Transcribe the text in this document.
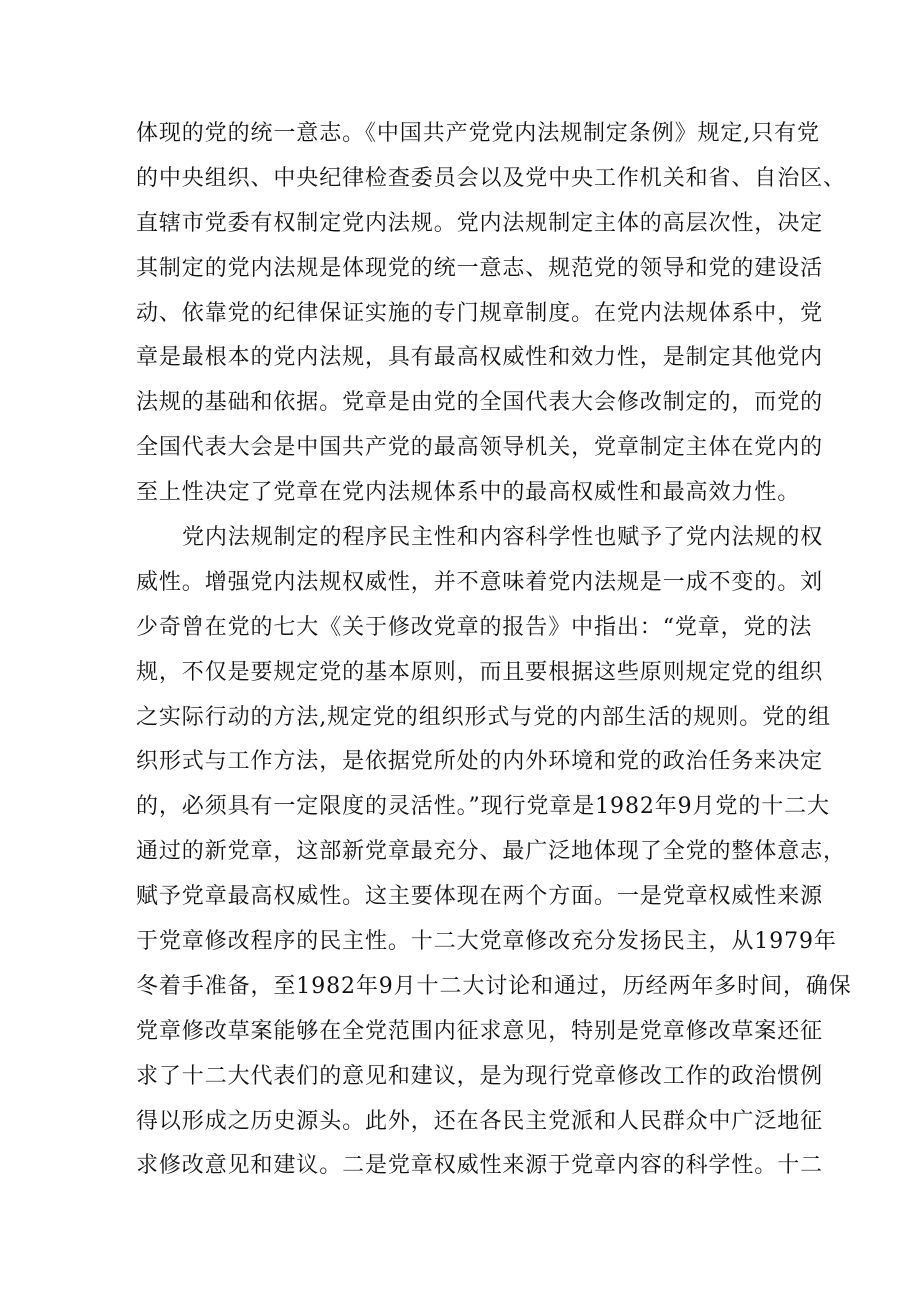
体现的党的统一意志。《中国共产党党内法规制定条例》规定,只有党
的中央组织、中央纪律检查委员会以及党中央工作机关和省、自治区、
直辖市党委有权制定党内法规。党内法规制定主体的高层次性，决定
其制定的党内法规是体现党的统一意志、规范党的领导和党的建设活
动、依靠党的纪律保证实施的专门规章制度。在党内法规体系中，党
章是最根本的党内法规，具有最高权威性和效力性，是制定其他党内
法规的基础和依据。党章是由党的全国代表大会修改制定的，而党的
全国代表大会是中国共产党的最高领导机关，党章制定主体在党内的
至上性决定了党章在党内法规体系中的最高权威性和最高效力性。
党内法规制定的程序民主性和内容科学性也赋予了党内法规的权
威性。增强党内法规权威性，并不意味着党内法规是一成不变的。刘
少奇曾在党的七大《关于修改党章的报告》中指出：“党章，党的法
规，不仅是要规定党的基本原则，而且要根据这些原则规定党的组织
之实际行动的方法,规定党的组织形式与党的内部生活的规则。党的组
织形式与工作方法，是依据党所处的内外环境和党的政治任务来决定
的，必须具有一定限度的灵活性。”现行党章是1982年9月党的十二大
通过的新党章，这部新党章最充分、最广泛地体现了全党的整体意志，
赋予党章最高权威性。这主要体现在两个方面。一是党章权威性来源
于党章修改程序的民主性。十二大党章修改充分发扬民主，从1979年
冬着手准备，至1982年9月十二大讨论和通过，历经两年多时间，确保
党章修改草案能够在全党范围内征求意见，特别是党章修改草案还征
求了十二大代表们的意见和建议，是为现行党章修改工作的政治惯例
得以形成之历史源头。此外，还在各民主党派和人民群众中广泛地征
求修改意见和建议。二是党章权威性来源于党章内容的科学性。十二
